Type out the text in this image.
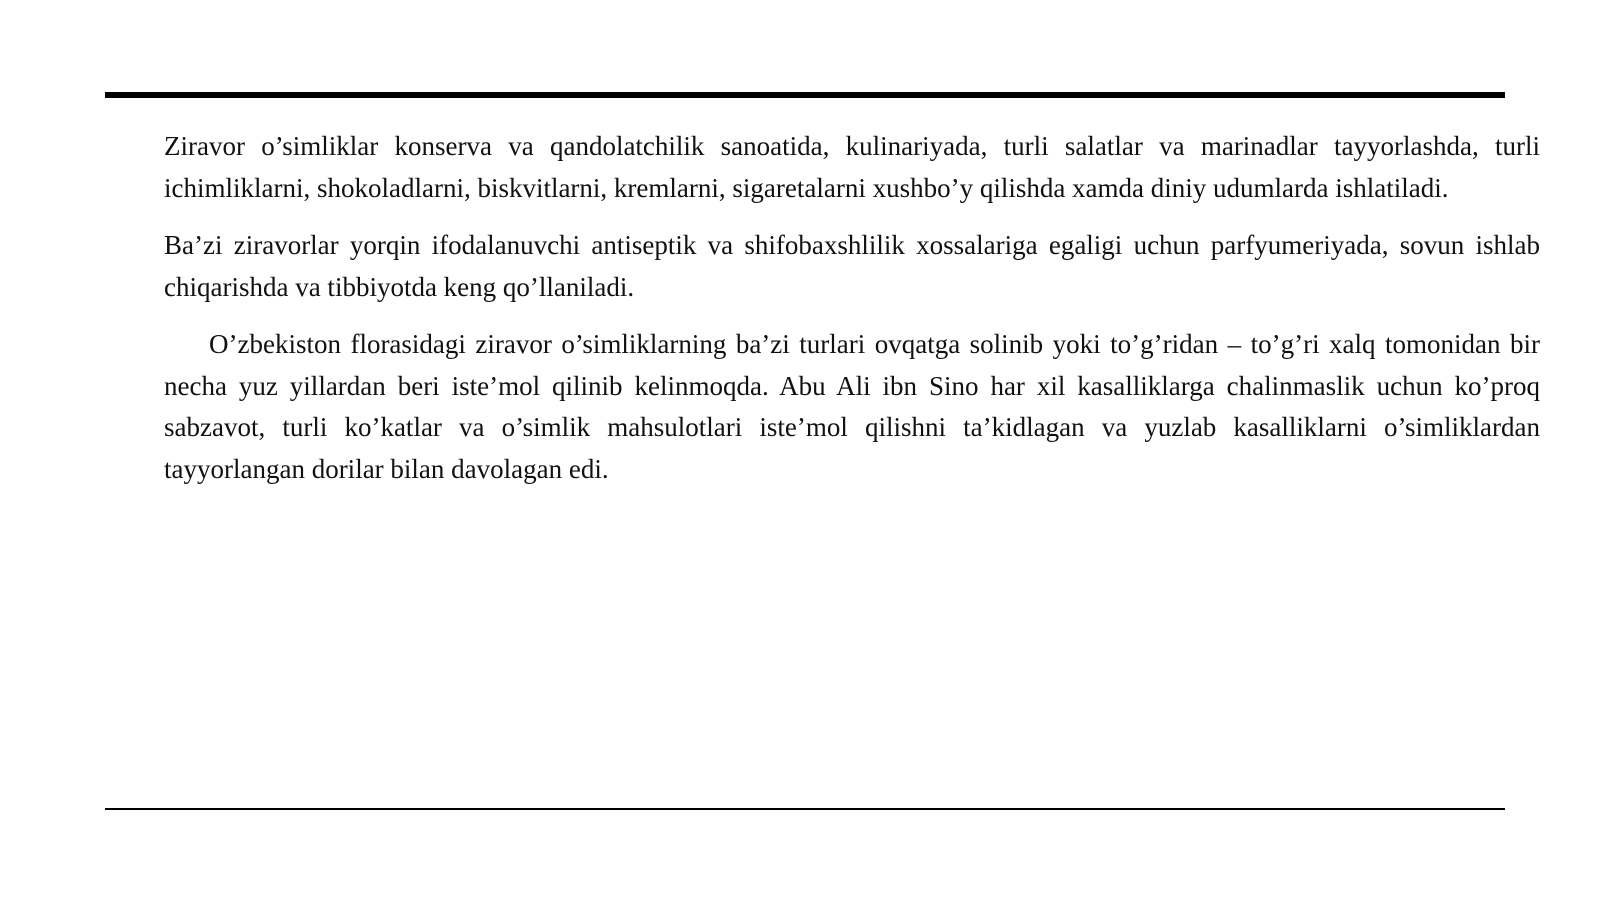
Ziravor o’simliklar konserva va qandolatchilik sanoatida, kulinariyada, turli salatlar va marinadlar tayyorlashda, turli ichimliklarni, shokoladlarni, biskvitlarni, kremlarni, sigaretalarni xushbo’y qilishda xamda diniy udumlarda ishlatiladi.

Ba’zi ziravorlar yorqin ifodalanuvchi antiseptik va shifobaxshlilik xossalariga egaligi uchun parfyumeriyada, sovun ishlab chiqarishda va tibbiyotda keng qo’llaniladi.

O’zbekiston florasidagi ziravor o’simliklarning ba’zi turlari ovqatga solinib yoki to’g’ridan – to’g’ri xalq tomonidan bir necha yuz yillardan beri iste’mol qilinib kelinmoqda. Abu Ali ibn Sino har xil kasalliklarga chalinmaslik uchun ko’proq sabzavot, turli ko’katlar va o’simlik mahsulotlari iste’mol qilishni ta’kidlagan va yuzlab kasalliklarni o’simliklardan tayyorlangan dorilar bilan davolagan edi.
